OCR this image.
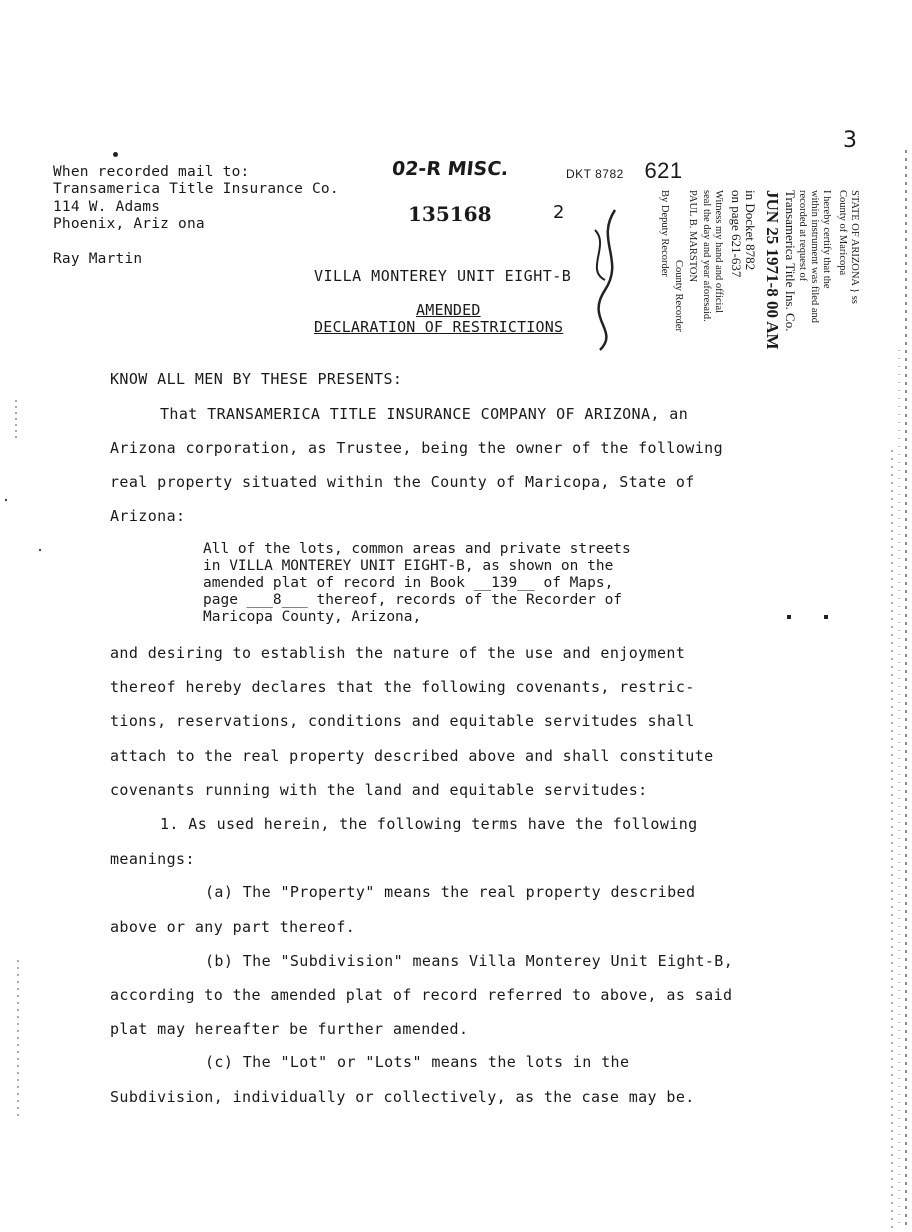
When recorded mail to:
Transamerica Title Insurance Co.
114 W. Adams
Phoenix, Ariz ona
Ray Martin
02-R MISC.
135168	2
DKT 8782 621
3
STATE OF ARIZONA } ss
County of Maricopa
I hereby certify that the
within instrument was filed and
recorded at request of
Transamerica Title Ins. Co.
JUN 25 1971-8 00 AM
in Docket 8782
on page 621-637
Witness my hand and official
seal the day and year aforesaid.
PAUL B. MARSTON
County Recorder
By Deputy Recorder
VILLA MONTEREY UNIT EIGHT-B
AMENDED
DECLARATION OF RESTRICTIONS
KNOW ALL MEN BY THESE PRESENTS:
That TRANSAMERICA TITLE INSURANCE COMPANY OF ARIZONA, an
Arizona corporation, as Trustee, being the owner of the following
real property situated within the County of Maricopa, State of
Arizona:
All of the lots, common areas and private streets
in VILLA MONTEREY UNIT EIGHT-B, as shown on the
amended plat of record in Book __139__ of Maps,
page ___8___ thereof, records of the Recorder of
Maricopa County, Arizona,
and desiring to establish the nature of the use and enjoyment
thereof hereby declares that the following covenants, restric-
tions, reservations, conditions and equitable servitudes shall
attach to the real property described above and shall constitute
covenants running with the land and equitable servitudes:
1. As used herein, the following terms have the following
meanings:
(a) The "Property" means the real property described
above or any part thereof.
(b) The "Subdivision" means Villa Monterey Unit Eight-B,
according to the amended plat of record referred to above, as said
plat may hereafter be further amended.
(c) The "Lot" or "Lots" means the lots in the
Subdivision, individually or collectively, as the case may be.
